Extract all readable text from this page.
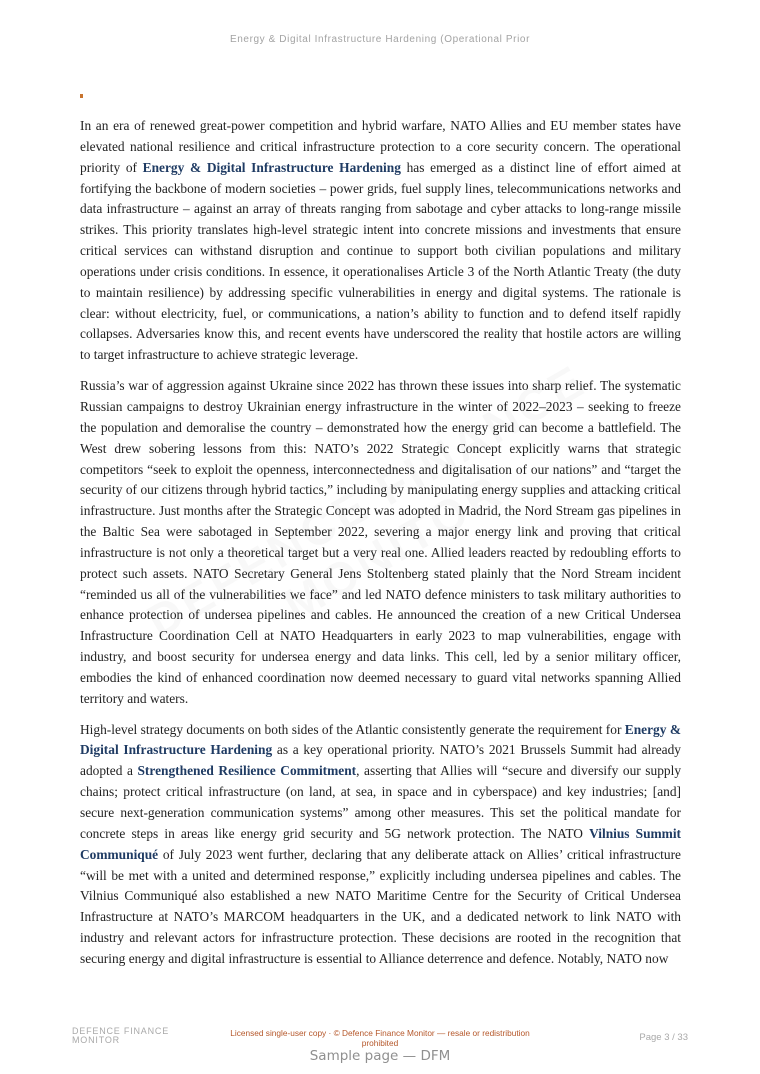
Energy & Digital Infrastructure Hardening (Operational Prior

In an era of renewed great-power competition and hybrid warfare, NATO Allies and EU member states have elevated national resilience and critical infrastructure protection to a core security concern. The operational priority of Energy & Digital Infrastructure Hardening has emerged as a distinct line of effort aimed at fortifying the backbone of modern societies – power grids, fuel supply lines, telecommunications networks and data infrastructure – against an array of threats ranging from sabotage and cyber attacks to long-range missile strikes. This priority translates high-level strategic intent into concrete missions and investments that ensure critical services can withstand disruption and continue to support both civilian populations and military operations under crisis conditions. In essence, it operationalises Article 3 of the North Atlantic Treaty (the duty to maintain resilience) by addressing specific vulnerabilities in energy and digital systems. The rationale is clear: without electricity, fuel, or communications, a nation’s ability to function and to defend itself rapidly collapses. Adversaries know this, and recent events have underscored the reality that hostile actors are willing to target infrastructure to achieve strategic leverage.

Russia’s war of aggression against Ukraine since 2022 has thrown these issues into sharp relief. The systematic Russian campaigns to destroy Ukrainian energy infrastructure in the winter of 2022–2023 – seeking to freeze the population and demoralise the country – demonstrated how the energy grid can become a battlefield. The West drew sobering lessons from this: NATO’s 2022 Strategic Concept explicitly warns that strategic competitors “seek to exploit the openness, interconnectedness and digitalisation of our nations” and “target the security of our citizens through hybrid tactics,” including by manipulating energy supplies and attacking critical infrastructure. Just months after the Strategic Concept was adopted in Madrid, the Nord Stream gas pipelines in the Baltic Sea were sabotaged in September 2022, severing a major energy link and proving that critical infrastructure is not only a theoretical target but a very real one. Allied leaders reacted by redoubling efforts to protect such assets. NATO Secretary General Jens Stoltenberg stated plainly that the Nord Stream incident “reminded us all of the vulnerabilities we face” and led NATO defence ministers to task military authorities to enhance protection of undersea pipelines and cables. He announced the creation of a new Critical Undersea Infrastructure Coordination Cell at NATO Headquarters in early 2023 to map vulnerabilities, engage with industry, and boost security for undersea energy and data links. This cell, led by a senior military officer, embodies the kind of enhanced coordination now deemed necessary to guard vital networks spanning Allied territory and waters.

High-level strategy documents on both sides of the Atlantic consistently generate the requirement for Energy & Digital Infrastructure Hardening as a key operational priority. NATO’s 2021 Brussels Summit had already adopted a Strengthened Resilience Commitment, asserting that Allies will “secure and diversify our supply chains; protect critical infrastructure (on land, at sea, in space and in cyberspace) and key industries; [and] secure next-generation communication systems” among other measures. This set the political mandate for concrete steps in areas like energy grid security and 5G network protection. The NATO Vilnius Summit Communiqué of July 2023 went further, declaring that any deliberate attack on Allies’ critical infrastructure “will be met with a united and determined response,” explicitly including undersea pipelines and cables. The Vilnius Communiqué also established a new NATO Maritime Centre for the Security of Critical Undersea Infrastructure at NATO’s MARCOM headquarters in the UK, and a dedicated network to link NATO with industry and relevant actors for infrastructure protection. These decisions are rooted in the recognition that securing energy and digital infrastructure is essential to Alliance deterrence and defence. Notably, NATO now

DEFENCE FINANCE
MONITOR
Licensed single-user copy · © Defence Finance Monitor — resale or redistribution prohibited	Page 3 / 33
Sample page — DFM
